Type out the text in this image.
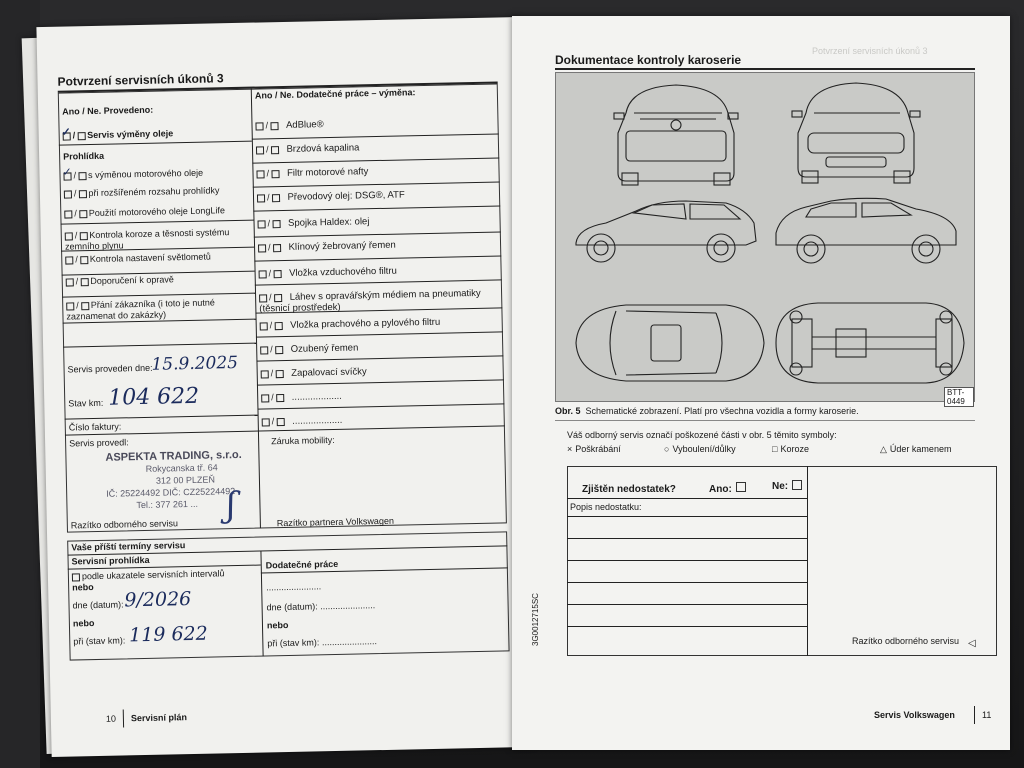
Potvrzení servisních úkonů 3
Ano / Ne. Provedeno:
Ano / Ne. Dodatečné práce – výměna:
✓ / Servis výměny oleje
Prohlídka
✓ / s výměnou motorového oleje
/ při rozšířeném rozsahu prohlídky
/ Použití motorového oleje LongLife
/ Kontrola koroze a těsnosti systému zemního plynu
/ Kontrola nastavení světlometů
/ Doporučení k opravě
/ Přání zákazníka (i toto je nutné zaznamenat do zakázky)
/ AdBlue®
/ Brzdová kapalina
/ Filtr motorové nafty
/ Převodový olej: DSG®, ATF
/ Spojka Haldex: olej
/ Klínový žebrovaný řemen
/ Vložka vzduchového filtru
/ Láhev s opravářským médiem na pneumatiky (těsnicí prostředek)
/ Vložka prachového a pylového filtru
/ Ozubený řemen
/ Zapalovací svíčky
/ ...................
/ ...................
Servis proveden dne:
15.9.2025
Stav km: 104 622
Číslo faktury:
Servis provedl:
ASPEKTA TRADING, s.r.o.
Rokycanska tř. 64
312 00 PLZEŇ
IČ: 25224492 DIČ: CZ25224492
Tel.: 377 261 ... ʃ
Razítko odborného servisu
Záruka mobility:
Razítko partnera Volkswagen
Vaše příští termíny servisu
Servisní prohlídka	Dodatečné práce
podle ukazatele servisních intervalů
nebo
dne (datum): 9/2026
nebo
při (stav km): 119 622
......................
dne (datum): ......................
nebo
při (stav km): ......................
10 Servisní plán
Potvrzení servisních úkonů 3
Dokumentace kontroly karoserie
BTT-0449
Obr. 5 Schematické zobrazení. Platí pro všechna vozidla a formy karoserie.
Váš odborný servis označí poškozené části v obr. 5 těmito symboly:
× Poškrábání	○ Vyboulení/důlky	□ Koroze	△ Úder kamenem
Zjištěn nedostatek?	Ano:	Ne:
Popis nedostatku:
Razítko odborného servisu ◁
3G0012715SC
Servis Volkswagen	11
